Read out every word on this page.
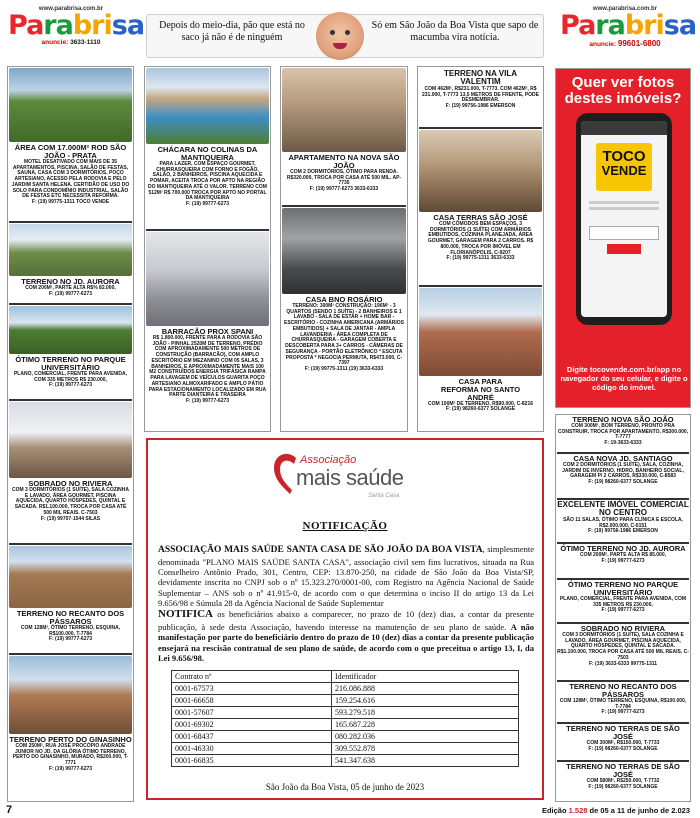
www.parabrisa.com.br
Parabrisa
anuncie: 3633-1110
Depois do meio-dia, pão que está no saco já não é de ninguém
Só em São João da Boa Vista que sapo de macumba vira notícia.
www.parabrisa.com.br
Parabrisa
anuncie: 99601-6800
ÁREA COM 17.000M² ROD SÃO JOÃO - PRATA

MOTEL DESATIVADO COM MAIS DE 35 APARTAMENTOS, PISCINA, SALÃO DE FESTAS, SAUNA, CASA COM 3 DORMITÓRIOS, POÇO ARTESIANO, ACESSO PELA RODOVIA E PELO JARDIM SANTA HELENA. CERTIDÃO DE USO DO SOLO PARA CONDOMÍNIO INDUSTRIAL, SALÃO DE FESTAS ETC NECESSITA REFORMA.

F: (19) 99775-1311 TOCO VENDE

TERRENO NO JD. AURORA

COM 200M², PARTE ALTA R$% 82.000,

F: (19) 99777-6273

ÓTIMO TERRENO NO PARQUE UNIVERSITÁRIO

PLANO, COMERCIAL, FRENTE PARA AVENIDA, COM 335 METROS R$ 230.000,

F: (19) 99777-6273

SOBRADO NO RIVIERA

COM 3 DORMITÓRIOS (1 SUÍTE), SALA COZINHA E LAVADO, ÁREA GOURMET, PISCINA AQUECIDA, QUARTO HÓSPEDES, QUINTAL E SACADA. R$1.100.000, TROCA POR CASA ATÉ 500 MIL REAIS. C-7503

F: (19) 99707-1544 SILAS

TERRENO NO RECANTO DOS PÁSSAROS

COM 128M², ÓTIMO TERRENO, ESQUINA, R$100.000, T-7784

F: (19) 99777-6273

TERRENO PERTO DO GINASINHO

COM 250M², RUA JOSÉ PROCÓPIO ANDRADE JUNIOR NO JD. DA GLÓRIA ÓTIMO TERRENO, PERTO DO GINASINHO, MURADO, R$200.000, T-7771

F: (19) 99777-6273

CHÁCARA NO COLINAS DA MANTIQUEIRA

PARA LAZER, COM ESPAÇO GOURMET, CHURRASQUEIRA COM FORNO E FOGÃO, SALÃO, 2 BANHEIROS, PISCINA AQUECIDA E POMAR, ACEITA TROCA POR APTO NA REGIÃO DO MANTIQUEIRA ATÉ O VALOR. TERRENO COM 512M² R$ 700.000 TROCA POR APTO NO PORTAL DA MANTIQUEIRA

F: (19) 99777-6273

BARRACÃO PROX SPANI

R$ 1.800.000, FRENTE PARA A RODOVIA SÃO JOÃO - PINHAL 2520M DE TERRENO, PRÉDIO COM APROXIMADAMENTE 500 METROS DE CONSTRUÇÃO (BARRACÃO), COM AMPLO ESCRITÓRIO EM MEZANINO COM 05 SALAS, 3 BANHEIROS, E APROXIMADAMENTE MAIS 100 M2 CONSTRUÍDOS ENERGIA TRIFÁSICA RAMPA PARA LAVAGEM DE VEÍCULOS GUARITA POÇO ARTESIANO ALMOXARIFADO E AMPLO PÁTIO PARA ESTACIONAMENTO LOCALIZADO EM RUA PARTE DIANTEIRA E TRASEIRA

F: (19) 99777-6273

APARTAMENTO NA NOVA SÃO JOÃO

COM 2 DORMITÓRIOS, ÓTIMO PARA RENDA. R$320.000, TROCA POR CASA ATÉ 500 MIL. AP-7735

F: (19) 99777-6273 3633-6333

CASA BNO ROSÁRIO

TERRENO: 300M² CONSTRUÇÃO: 196M² - 3 QUARTOS (SENDO 1 SUÍTE) - 2 BANHEIROS E 1 LAVABO - SALA DE ESTAR + HOME BAR - ESCRITÓRIO - COZINHA AMERICANA (ARMÁRIOS EMBUTIDOS) + SALA DE JANTAR - AMPLA LAVANDERIA - ÁREA COMPLETA DE CHURRASQUEIRA - GARAGEM COBERTA E DESCOBERTA PARA 3+ CARROS - CÂMERAS DE SEGURANÇA - PORTÃO ELETRÔNICO * ESCUTA PROPOSTA * NEGOCIA PERMUTA, R$473.000, C-7397

F: (19) 99775-1311 (19) 3633-6333

TERRENO NA VILA VALENTIM

COM 462M², R$231.000, T-7773. COM 462M², R$ 231.000, T-7773 13,5 METROS DE FRENTE, PODE DESMEMBRAR.

F: (19) 99756-1986 EMERSON

CASA TERRAS SÃO JOSÉ

COM CÔMODOS BEM ESPAÇOS, 3 DORMITÓRIOS (1 SUÍTE) COM ARMÁRIOS EMBUTIDOS, COZINHA PLANEJADA, ÁREA GOURMET, GARAGEM PARA 2 CARROS. R$ 800.000, TROCA POR IMÓVEL EM FLORIANÓPOLIS, C-9207

F: (19) 99775-1311 3633-6333

CASA PARA REFORMA NO SANTO ANDRÉ

COM 100M² DE TERRENO, R$90.000, C-8216

F: (19) 98260-6377 SOLANGE

Quer ver fotos destes imóveis?
TOCO
VENDE
Digite tocovende.com.br/app no navegador do seu celular, e digite o código do imóvel.
TERRENO NOVA SÃO JOÃO

COM 300M², BOM TERRENO, PRONTO PRA CONSTRUIR, TROCA POR APARTAMENTO, R$300.000, T-7777

F: 19-3633-6333

CASA NOVA JD. SANTIAGO

COM 2 DORMITÓRIOS (1 SUÍTE), SALA, COZINHA, JARDIM DE INVERNO, HIDRO, BANHEIRO SOCIAL, GARAGEM P/ 2 CARROS, R$330.000, C-8583

F: (19) 98260-6377 SOLANGE

EXCELENTE IMÓVEL COMERCIAL NO CENTRO

SÃO 11 SALAS, ÓTIMO PARA CLÍNICA E ESCOLA, R$2.000.000, C-0151

F: (19) 99756-1986 EMERSON

ÓTIMO TERRENO NO JD. AURORA

COM 200M², PARTE ALTA R$ 85.000,

F: (19) 99777-6273

ÓTIMO TERRENO NO PARQUE UNIVERSITÁRIO

PLANO, COMERCIAL, FRENTE PARA AVENIDA, COM 335 METROS R$ 230.000,

F: (19) 99777-6273

SOBRADO NO RIVIERA

COM 3 DORMITÓRIOS (1 SUÍTE), SALA COZINHA E LAVADO, ÁREA GOURMET, PISCINA AQUECIDA, QUARTO HÓSPEDES, QUINTAL E SACADA. R$1.100.000, TROCA POR CASA ATÉ 500 MIL REAIS. C-7503

F: (19) 3633-6333 99775-1311

TERRENO NO RECANTO DOS PÁSSAROS

COM 128M², ÓTIMO TERRENO, ESQUINA, R$100.000, T-7784

F: (19) 99777-6273

TERRENO NO TERRAS DE SÃO JOSÉ

COM 300M², R$150.000, T-7733

F: (19) 98260-6377 SOLANGE

TERRENO NO TERRAS DE SÃO JOSÉ

COM 580M², R$250.000, T-7732

F: (19) 98260-6377 SOLANGE

Associação
mais saúde
Santa Casa
NOTIFICAÇÃO

ASSOCIAÇÃO MAIS SAÚDE SANTA CASA DE SÃO JOÃO DA BOA VISTA, simplesmente denominada "PLANO MAIS SAÚDE SANTA CASA", associação civil sem fins lucrativos, situada na Rua Conselheiro Antônio Prado, 301, Centro, CEP: 13.870-250, na cidade de São João da Boa Vista/SP, devidamente inscrita no CNPJ sob o nº 15.323.270/0001-00, com Registro na Agência Nacional de Saúde Suplementar – ANS sob o nº 41.915-0, de acordo com o que determina o inciso II do artigo 13 da Lei 9.656/98 e Súmula 28 da Agência Nacional de Saúde Suplementar

NOTIFICA os beneficiários abaixo a comparecer, no prazo de 10 (dez) dias, a contar da presente publicação, à sede desta Associação, havendo interesse na manutenção de seu plano de saúde. A não manifestação por parte do beneficiário dentro do prazo de 10 (dez) dias a contar da presente publicação ensejará na rescisão contratual de seu plano de saúde, de acordo com o que preceitua o artigo 13, I, da Lei 9.656/98.

Contrato nº	Identificador
0001-67573	216.086.888
0001-66658	159.254.616
0001-57607	593.279.518
0001-69302	165.687.228
0001-68437	080.282.036
0001-46330	309.552.878
0001-66835	541.347.638
São João da Boa Vista, 05 de junho de 2023
7	Edição 1.528 de 05 a 11 de junho de 2.023
